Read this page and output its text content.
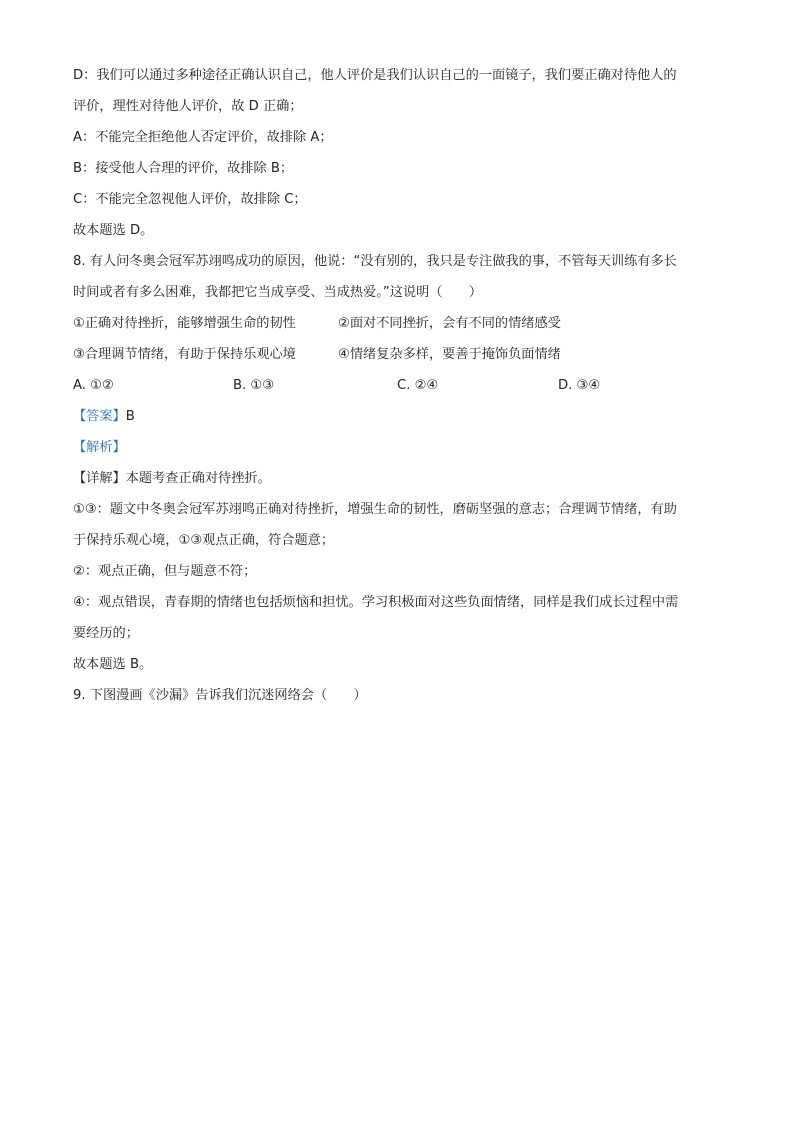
D：我们可以通过多种途径正确认识自己，他人评价是我们认识自己的一面镜子，我们要正确对待他人的
评价，理性对待他人评价，故 D 正确；
A：不能完全拒绝他人否定评价，故排除 A；
B：接受他人合理的评价，故排除 B；
C：不能完全忽视他人评价，故排除 C；
故本题选 D。
8. 有人问冬奥会冠军苏翊鸣成功的原因，他说：“没有别的，我只是专注做我的事，不管每天训练有多长
时间或者有多么困难，我都把它当成享受、当成热爱。”这说明（　　）
①正确对待挫折，能够增强生命的韧性	②面对不同挫折，会有不同的情绪感受
③合理调节情绪，有助于保持乐观心境	④情绪复杂多样，要善于掩饰负面情绪
A. ①②	B. ①③	C. ②④	D. ③④
【答案】B
【解析】
【详解】本题考查正确对待挫折。
①③：题文中冬奥会冠军苏翊鸣正确对待挫折，增强生命的韧性，磨砺坚强的意志；合理调节情绪，有助
于保持乐观心境，①③观点正确，符合题意；
②：观点正确，但与题意不符；
④：观点错误，青春期的情绪也包括烦恼和担忧。学习积极面对这些负面情绪，同样是我们成长过程中需
要经历的；
故本题选 B。
9. 下图漫画《沙漏》告诉我们沉迷网络会（　　）
